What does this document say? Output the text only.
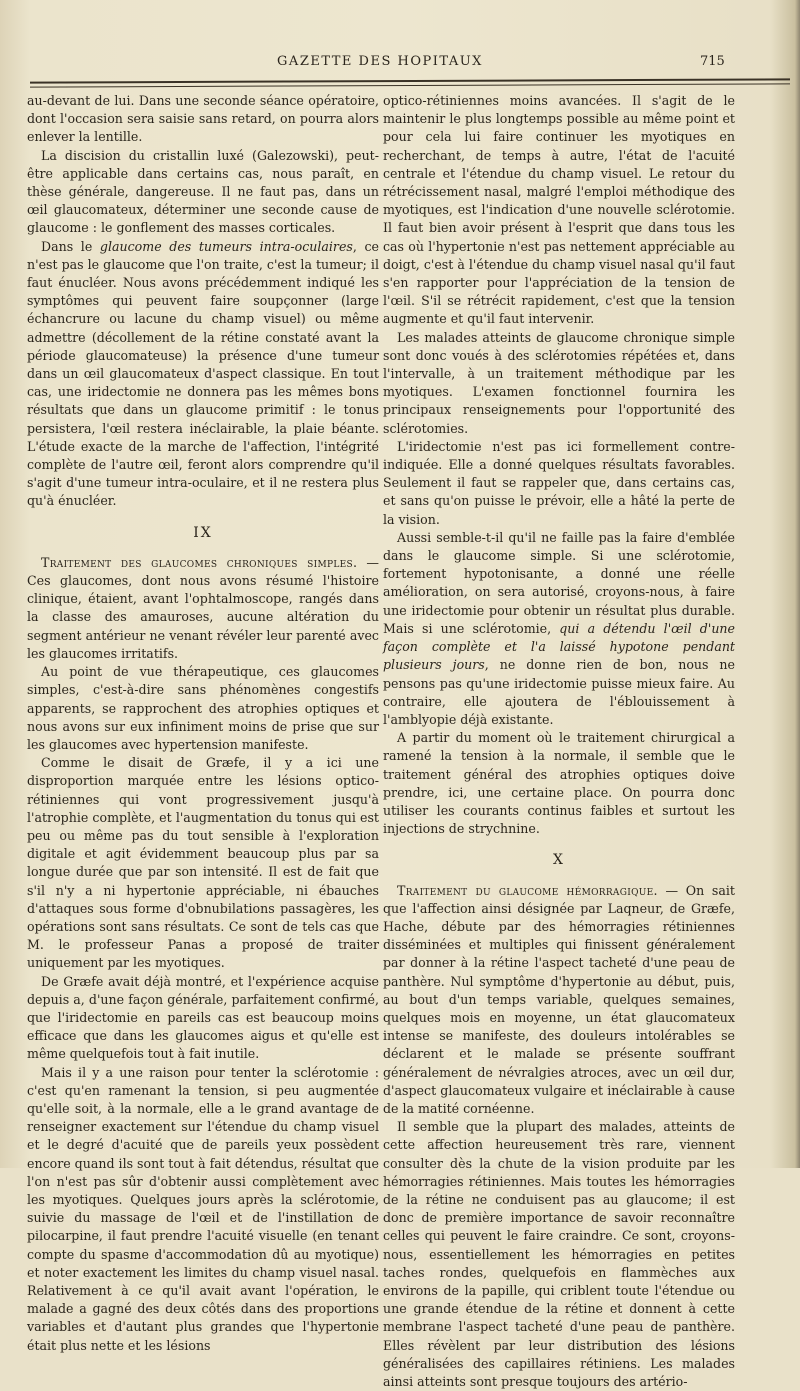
GAZETTE DES HOPITAUX	715

au-devant de lui. Dans une seconde séance opératoire, dont l'occasion sera saisie sans retard, on pourra alors enlever la lentille.

La discision du cristallin luxé (Galezowski), peut-être applicable dans certains cas, nous paraît, en thèse générale, dangereuse. Il ne faut pas, dans un œil glaucomateux, déterminer une seconde cause de glaucome : le gonflement des masses corticales.

Dans le glaucome des tumeurs intra-oculaires, ce n'est pas le glaucome que l'on traite, c'est la tumeur; il faut énucléer. Nous avons précédemment indiqué les symptômes qui peuvent faire soupçonner (large échancrure ou lacune du champ visuel) ou même admettre (décollement de la rétine constaté avant la période glaucomateuse) la présence d'une tumeur dans un œil glaucomateux d'aspect classique. En tout cas, une iridectomie ne donnera pas les mêmes bons résultats que dans un glaucome primitif : le tonus persistera, l'œil restera inéclairable, la plaie béante. L'étude exacte de la marche de l'affection, l'intégrité complète de l'autre œil, feront alors comprendre qu'il s'agit d'une tumeur intra-oculaire, et il ne restera plus qu'à énucléer.

IX

Traitement des glaucomes chroniques simples. — Ces glaucomes, dont nous avons résumé l'histoire clinique, étaient, avant l'ophtalmoscope, rangés dans la classe des amauroses, aucune altération du segment antérieur ne venant révéler leur parenté avec les glaucomes irritatifs.

Au point de vue thérapeutique, ces glaucomes simples, c'est-à-dire sans phénomènes congestifs apparents, se rapprochent des atrophies optiques et nous avons sur eux infiniment moins de prise que sur les glaucomes avec hypertension manifeste.

Comme le disait de Græfe, il y a ici une disproportion marquée entre les lésions optico-rétiniennes qui vont progressivement jusqu'à l'atrophie complète, et l'augmentation du tonus qui est peu ou même pas du tout sensible à l'exploration digitale et agit évidemment beaucoup plus par sa longue durée que par son intensité. Il est de fait que s'il n'y a ni hypertonie appréciable, ni ébauches d'attaques sous forme d'obnubilations passagères, les opérations sont sans résultats. Ce sont de tels cas que M. le professeur Panas a proposé de traiter uniquement par les myotiques.

De Græfe avait déjà montré, et l'expérience acquise depuis a, d'une façon générale, parfaitement confirmé, que l'iridectomie en pareils cas est beaucoup moins efficace que dans les glaucomes aigus et qu'elle est même quelquefois tout à fait inutile.

Mais il y a une raison pour tenter la sclérotomie : c'est qu'en ramenant la tension, si peu augmentée qu'elle soit, à la normale, elle a le grand avantage de renseigner exactement sur l'étendue du champ visuel et le degré d'acuité que de pareils yeux possèdent encore quand ils sont tout à fait détendus, résultat que l'on n'est pas sûr d'obtenir aussi complètement avec les myotiques. Quelques jours après la sclérotomie, suivie du massage de l'œil et de l'instillation de pilocarpine, il faut prendre l'acuité visuelle (en tenant compte du spasme d'accommodation dû au myotique) et noter exactement les limites du champ visuel nasal. Relativement à ce qu'il avait avant l'opération, le malade a gagné des deux côtés dans des proportions variables et d'autant plus grandes que l'hypertonie était plus nette et les lésions

optico-rétiniennes moins avancées. Il s'agit de le maintenir le plus longtemps possible au même point et pour cela lui faire continuer les myotiques en recherchant, de temps à autre, l'état de l'acuité centrale et l'étendue du champ visuel. Le retour du rétrécissement nasal, malgré l'emploi méthodique des myotiques, est l'indication d'une nouvelle sclérotomie. Il faut bien avoir présent à l'esprit que dans tous les cas où l'hypertonie n'est pas nettement appréciable au doigt, c'est à l'étendue du champ visuel nasal qu'il faut s'en rapporter pour l'appréciation de la tension de l'œil. S'il se rétrécit rapidement, c'est que la tension augmente et qu'il faut intervenir.

Les malades atteints de glaucome chronique simple sont donc voués à des sclérotomies répétées et, dans l'intervalle, à un traitement méthodique par les myotiques. L'examen fonctionnel fournira les principaux renseignements pour l'opportunité des sclérotomies.

L'iridectomie n'est pas ici formellement contre-indiquée. Elle a donné quelques résultats favorables. Seulement il faut se rappeler que, dans certains cas, et sans qu'on puisse le prévoir, elle a hâté la perte de la vision.

Aussi semble-t-il qu'il ne faille pas la faire d'emblée dans le glaucome simple. Si une sclérotomie, fortement hypotonisante, a donné une réelle amélioration, on sera autorisé, croyons-nous, à faire une iridectomie pour obtenir un résultat plus durable. Mais si une sclérotomie, qui a détendu l'œil d'une façon complète et l'a laissé hypotone pendant plusieurs jours, ne donne rien de bon, nous ne pensons pas qu'une iridectomie puisse mieux faire. Au contraire, elle ajoutera de l'éblouissement à l'amblyopie déjà existante.

A partir du moment où le traitement chirurgical a ramené la tension à la normale, il semble que le traitement général des atrophies optiques doive prendre, ici, une certaine place. On pourra donc utiliser les courants continus faibles et surtout les injections de strychnine.

X

Traitement du glaucome hémorragique. — On sait que l'affection ainsi désignée par Laqneur, de Græfe, Hache, débute par des hémorragies rétiniennes disséminées et multiples qui finissent généralement par donner à la rétine l'aspect tacheté d'une peau de panthère. Nul symptôme d'hypertonie au début, puis, au bout d'un temps variable, quelques semaines, quelques mois en moyenne, un état glaucomateux intense se manifeste, des douleurs intolérables se déclarent et le malade se présente souffrant généralement de névralgies atroces, avec un œil dur, d'aspect glaucomateux vulgaire et inéclairable à cause de la matité cornéenne.

Il semble que la plupart des malades, atteints de cette affection heureusement très rare, viennent consulter dès la chute de la vision produite par les hémorragies rétiniennes. Mais toutes les hémorragies de la rétine ne conduisent pas au glaucome; il est donc de première importance de savoir reconnaître celles qui peuvent le faire craindre. Ce sont, croyons-nous, essentiellement les hémorragies en petites taches rondes, quelquefois en flammèches aux environs de la papille, qui criblent toute l'étendue ou une grande étendue de la rétine et donnent à cette membrane l'aspect tacheté d'une peau de panthère. Elles révèlent par leur distribution des lésions généralisées des capillaires rétiniens. Les malades ainsi atteints sont presque toujours des artério-
